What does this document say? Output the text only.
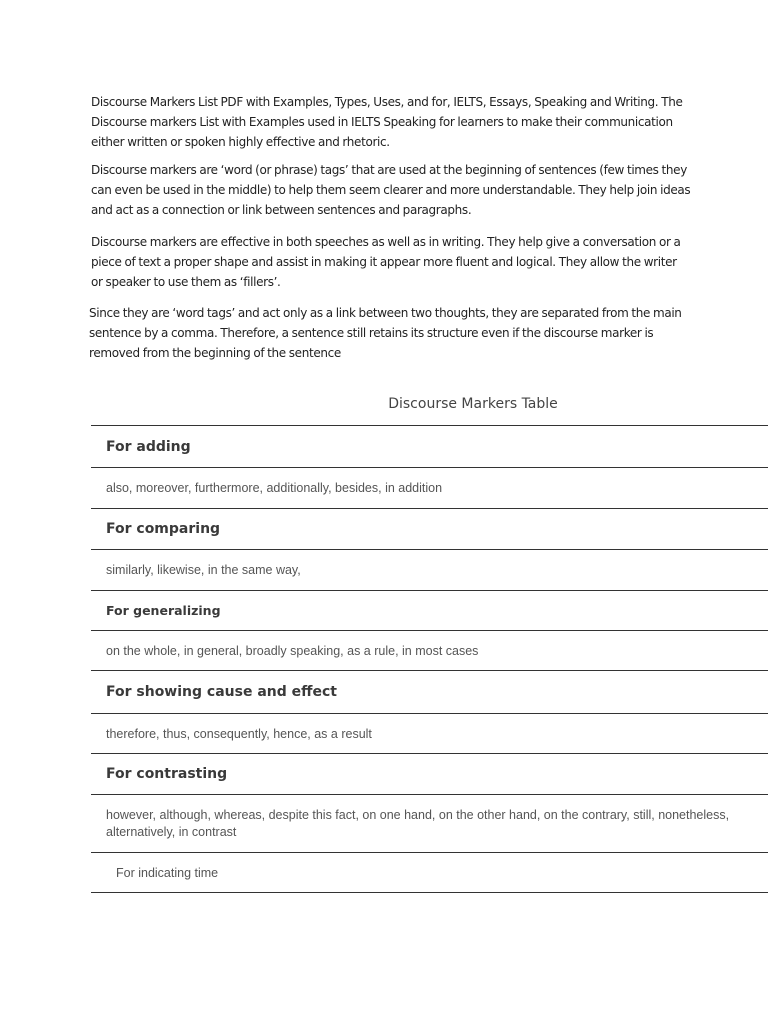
Discourse Markers List PDF with Examples, Types, Uses, and for, IELTS, Essays, Speaking and Writing. The Discourse markers List with Examples used in IELTS Speaking for learners to make their communication either written or spoken highly effective and rhetoric.

Discourse markers are ‘word (or phrase) tags’ that are used at the beginning of sentences (few times they can even be used in the middle) to help them seem clearer and more understandable. They help join ideas and act as a connection or link between sentences and paragraphs.

Discourse markers are effective in both speeches as well as in writing. They help give a conversation or a piece of text a proper shape and assist in making it appear more fluent and logical. They allow the writer or speaker to use them as ‘fillers’.

Since they are ‘word tags’ and act only as a link between two thoughts, they are separated from the main sentence by a comma. Therefore, a sentence still retains its structure even if the discourse marker is removed from the beginning of the sentence

Discourse Markers Table
For adding
also, moreover, furthermore, additionally, besides, in addition
For comparing
similarly, likewise, in the same way,
For generalizing
on the whole, in general, broadly speaking, as a rule, in most cases
For showing cause and effect
therefore, thus, consequently, hence, as a result
For contrasting
however, although, whereas, despite this fact, on one hand, on the other hand, on the contrary, still, nonetheless, alternatively, in contrast
For indicating time
